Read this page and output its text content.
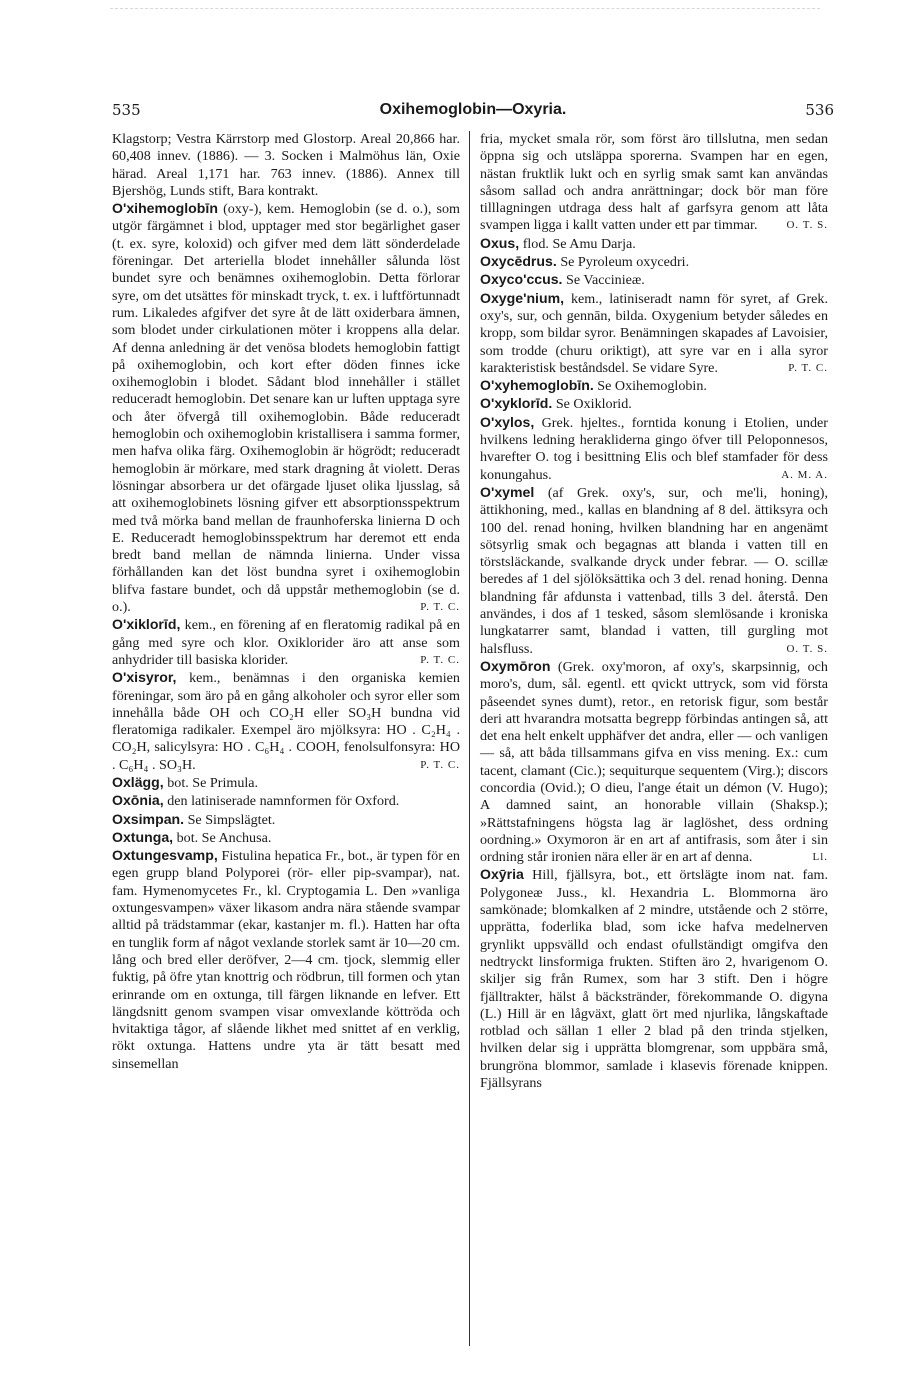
535	Oxihemoglobin—Oxyria.	536

Klagstorp; Vestra Kärrstorp med Glostorp. Areal 20,866 har. 60,408 innev. (1886). — 3. Socken i Malmöhus län, Oxie härad. Areal 1,171 har. 763 innev. (1886). Annex till Bjershög, Lunds stift, Bara kontrakt.

O'xihemoglobīn (oxy-), kem. Hemoglobin (se d. o.), som utgör färgämnet i blod, upptager med stor begärlighet gaser (t. ex. syre, koloxid) och gifver med dem lätt sönderdelade föreningar. Det arteriella blodet innehåller sålunda löst bundet syre och benämnes oxihemoglobin. Detta förlorar syre, om det utsättes för minskadt tryck, t. ex. i luftförtunnadt rum. Likaledes afgifver det syre åt de lätt oxiderbara ämnen, som blodet under cirkulationen möter i kroppens alla delar. Af denna anledning är det venösa blodets hemoglobin fattigt på oxihemoglobin, och kort efter döden finnes icke oxihemoglobin i blodet. Sådant blod innehåller i stället reduceradt hemoglobin. Det senare kan ur luften upptaga syre och åter öfvergå till oxihemoglobin. Både reduceradt hemoglobin och oxihemoglobin kristallisera i samma former, men hafva olika färg. Oxihemoglobin är högrödt; reduceradt hemoglobin är mörkare, med stark dragning åt violett. Deras lösningar absorbera ur det ofärgade ljuset olika ljusslag, så att oxihemoglobinets lösning gifver ett absorptionsspektrum med två mörka band mellan de fraunhoferska linierna D och E. Reduceradt hemoglobinsspektrum har deremot ett enda bredt band mellan de nämnda linierna. Under vissa förhållanden kan det löst bundna syret i oxihemoglobin blifva fastare bundet, och då uppstår methemoglobin (se d. o.).	P. T. C.

O'xiklorīd, kem., en förening af en fleratomig radikal på en gång med syre och klor. Oxiklorider äro att anse som anhydrider till basiska klorider.	P. T. C.

O'xisyror, kem., benämnas i den organiska kemien föreningar, som äro på en gång alkoholer och syror eller som innehålla både OH och CO₂H eller SO₃H bundna vid fleratomiga radikaler. Exempel äro mjölksyra: HO . C₂H₄ . CO₂H, salicylsyra: HO . C₆H₄ . COOH, fenolsulfonsyra: HO . C₆H₄ . SO₃H.	P. T. C.

Oxlägg, bot. Se Primula.

Oxōnia, den latiniserade namnformen för Oxford.

Oxsimpan. Se Simpslägtet.

Oxtunga, bot. Se Anchusa.

Oxtungesvamp, Fistulina hepatica Fr., bot., är typen för en egen grupp bland Polyporei (rör- eller pip-svampar), nat. fam. Hymenomycetes Fr., kl. Cryptogamia L. Den »vanliga oxtungesvampen» växer likasom andra nära stående svampar alltid på trädstammar (ekar, kastanjer m. fl.). Hatten har ofta en tunglik form af något vexlande storlek samt är 10—20 cm. lång och bred eller deröfver, 2—4 cm. tjock, slemmig eller fuktig, på öfre ytan knottrig och rödbrun, till formen och ytan erinrande om en oxtunga, till färgen liknande en lefver. Ett längdsnitt genom svampen visar omvexlande köttröda och hvitaktiga tågor, af slående likhet med snittet af en verklig, rökt oxtunga. Hattens undre yta är tätt besatt med sinsemellan

fria, mycket smala rör, som först äro tillslutna, men sedan öppna sig och utsläppa sporerna. Svampen har en egen, nästan fruktlik lukt och en syrlig smak samt kan användas såsom sallad och andra anrättningar; dock bör man före tilllagningen utdraga dess halt af garfsyra genom att låta svampen ligga i kallt vatten under ett par timmar.	O. T. S.

Oxus, flod. Se Amu Darja.

Oxycēdrus. Se Pyroleum oxycedri.

Oxyco'ccus. Se Vacciniеæ.

Oxyge'nium, kem., latiniseradt namn för syret, af Grek. oxy's, sur, och gennān, bilda. Oxygenium betyder således en kropp, som bildar syror. Benämningen skapades af Lavoisier, som trodde (churu oriktigt), att syre var en i alla syror karakteristisk beståndsdel. Se vidare Syre.	P. T. C.

O'xyhemoglobīn. Se Oxihemoglobin.

O'xyklorīd. Se Oxiklorid.

O'xylos, Grek. hjeltes., forntida konung i Etolien, under hvilkens ledning herakliderna gingo öfver till Peloponnesos, hvarefter O. tog i besittning Elis och blef stamfader för dess konungahus.	A. M. A.

O'xymel (af Grek. oxy's, sur, och me'li, honing), ättikhoning, med., kallas en blandning af 8 del. ättiksyra och 100 del. renad honing, hvilken blandning har en angenämt sötsyrlig smak och begagnas att blanda i vatten till en törstsläckande, svalkande dryck under febrar. — O. scillæ beredes af 1 del sjölöksättika och 3 del. renad honing. Denna blandning får afdunsta i vattenbad, tills 3 del. återstå. Den användes, i dos af 1 tesked, såsom slemlösande i kroniska lungkatarrer samt, blandad i vatten, till gurgling mot halsfluss.	O. T. S.

Oxymōron (Grek. oxy'moron, af oxy's, skarpsinnig, och moro's, dum, sål. egentl. ett qvickt uttryck, som vid första påseendet synes dumt), retor., en retorisk figur, som består deri att hvarandra motsatta begrepp förbindas antingen så, att det ena helt enkelt upphäfver det andra, eller — och vanligen — så, att båda tillsammans gifva en viss mening. Ex.: cum tacent, clamant (Cic.); sequiturque sequentem (Virg.); discors concordia (Ovid.); O dieu, l'ange était un démon (V. Hugo); A damned saint, an honorable villain (Shaksp.); »Rättstafningens högsta lag är laglöshet, dess ordning oordning.» Oxymoron är en art af antifrasis, som åter i sin ordning står ironien nära eller är en art af denna.	Ll.

Oxȳria Hill, fjällsyra, bot., ett örtslägte inom nat. fam. Polygoneæ Juss., kl. Hexandria L. Blommorna äro samkönade; blomkalken af 2 mindre, utstående och 2 större, upprätta, foderlika blad, som icke hafva medelnerven grynlikt uppsvälld och endast ofullständigt omgifva den nedtryckt linsformiga frukten. Stiften äro 2, hvarigenom O. skiljer sig från Rumex, som har 3 stift. Den i högre fjälltrakter, hälst å bäckstränder, förekommande O. digyna (L.) Hill är en lågväxt, glatt ört med njurlika, långskaftade rotblad och sällan 1 eller 2 blad på den trinda stjelken, hvilken delar sig i upprätta blomgrenar, som uppbära små, brungröna blommor, samlade i klasevis förenade knippen. Fjällsyrans
